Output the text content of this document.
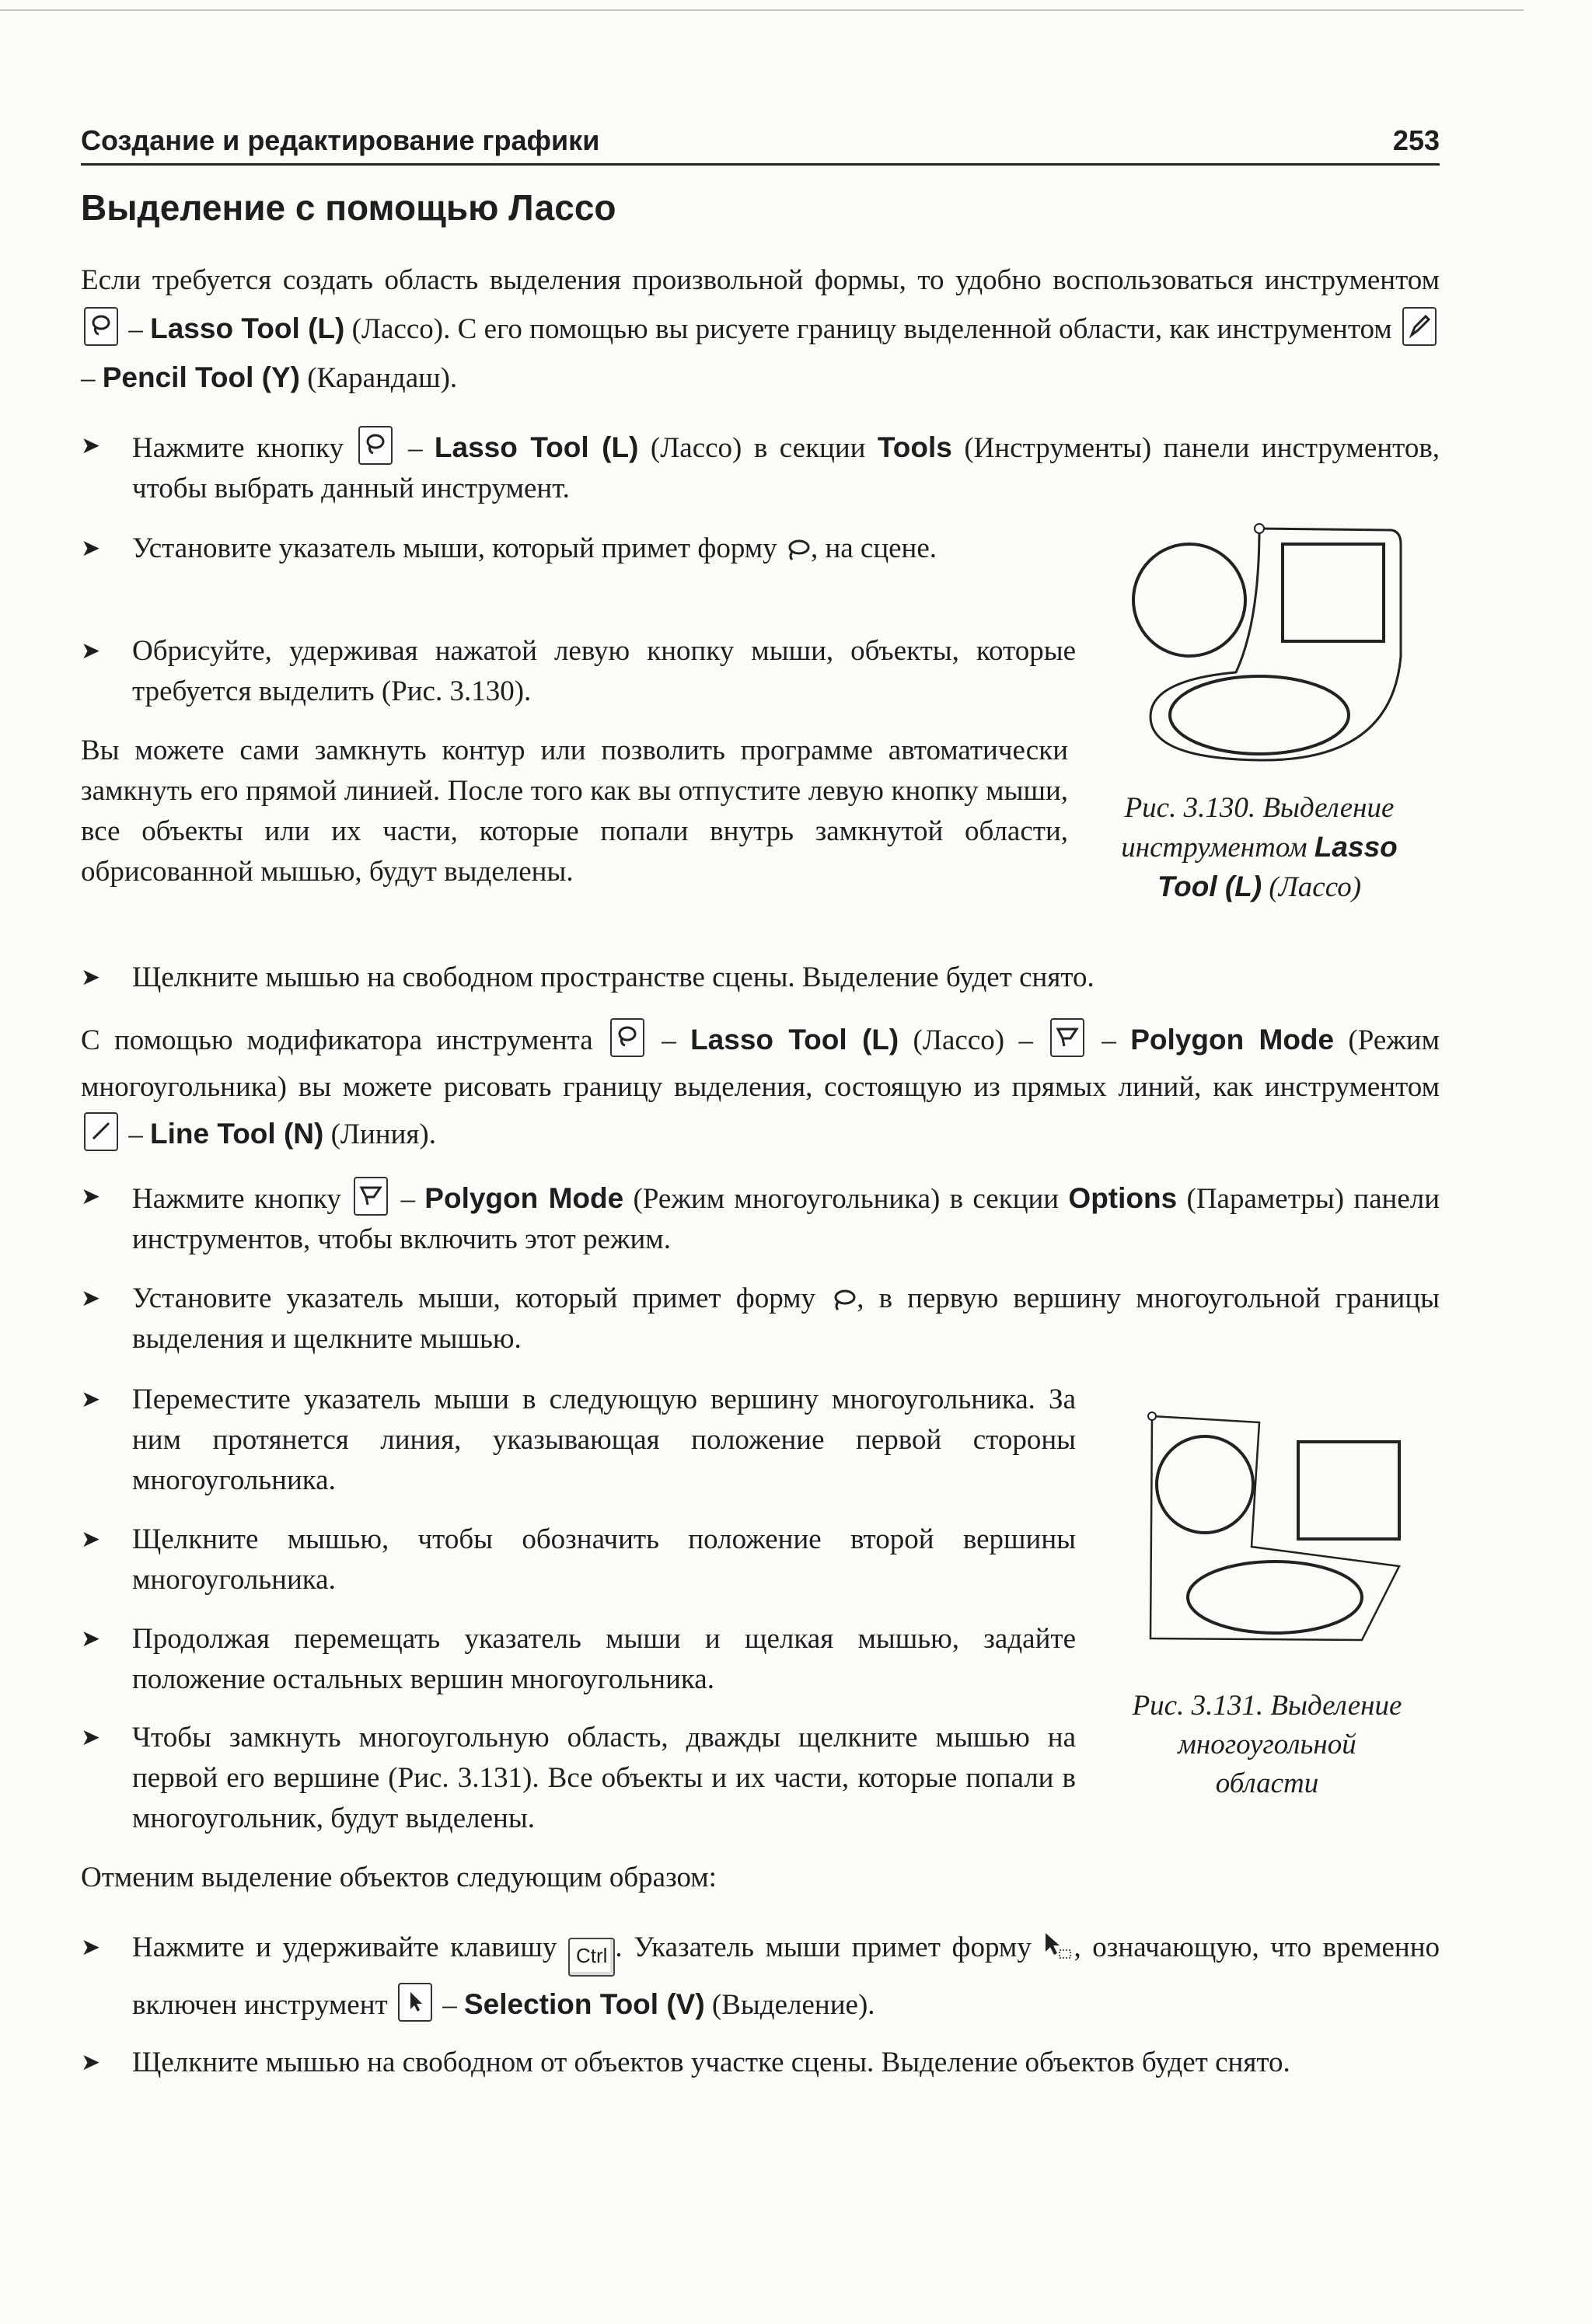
Создание и редактирование графики	253
Выделение с помощью Лассо
Если требуется создать область выделения произвольной формы, то удобно воспользоваться инструментом
– Lasso Tool (L) (Лассо). С его помощью вы рисуете границу выделенной области, как инструментом
– Pencil Tool (Y) (Карандаш).
➤ Нажмите кнопку
– Lasso Tool (L) (Лассо) в секции Tools (Инструменты) панели инструментов, чтобы выбрать данный инструмент.
➤ Установите указатель мыши, который примет форму , на сцене.
➤ Обрисуйте, удерживая нажатой левую кнопку мыши, объекты, которые требуется выделить (Рис. 3.130).
Рис. 3.130. Выделение
инструментом Lasso
Tool (L) (Лассо)
Вы можете сами замкнуть контур или позволить программе автоматически замкнуть его прямой линией. После того как вы отпустите левую кнопку мыши, все объекты или их части, которые попали внутрь замкнутой области, обрисованной мышью, будут выделены.
➤ Щелкните мышью на свободном пространстве сцены. Выделение будет снято.
С помощью модификатора инструмента
– Lasso Tool (L) (Лассо) –
– Polygon Mode (Режим многоугольника) вы можете рисовать границу выделения, состоящую из прямых линий, как инструментом
– Line Tool (N) (Линия).
➤ Нажмите кнопку
– Polygon Mode (Режим многоугольника) в секции Options (Параметры) панели инструментов, чтобы включить этот режим.
➤ Установите указатель мыши, который примет форму , в первую вершину многоугольной границы выделения и щелкните мышью.
➤ Переместите указатель мыши в следующую вершину многоугольника. За ним протянется линия, указывающая положение первой стороны многоугольника.
➤ Щелкните мышью, чтобы обозначить положение второй вершины многоугольника.
➤ Продолжая перемещать указатель мыши и щелкая мышью, задайте положение остальных вершин многоугольника.
➤ Чтобы замкнуть многоугольную область, дважды щелкните мышью на первой его вершине (Рис. 3.131). Все объекты и их части, которые попали в многоугольник, будут выделены.
Рис. 3.131. Выделение
многоугольной
области
Отменим выделение объектов следующим образом:
➤ Нажмите и удерживайте клавишу Ctrl . Указатель мыши примет форму , означающую, что временно включен инструмент
– Selection Tool (V) (Выделение).
➤ Щелкните мышью на свободном от объектов участке сцены. Выделение объектов будет снято.
